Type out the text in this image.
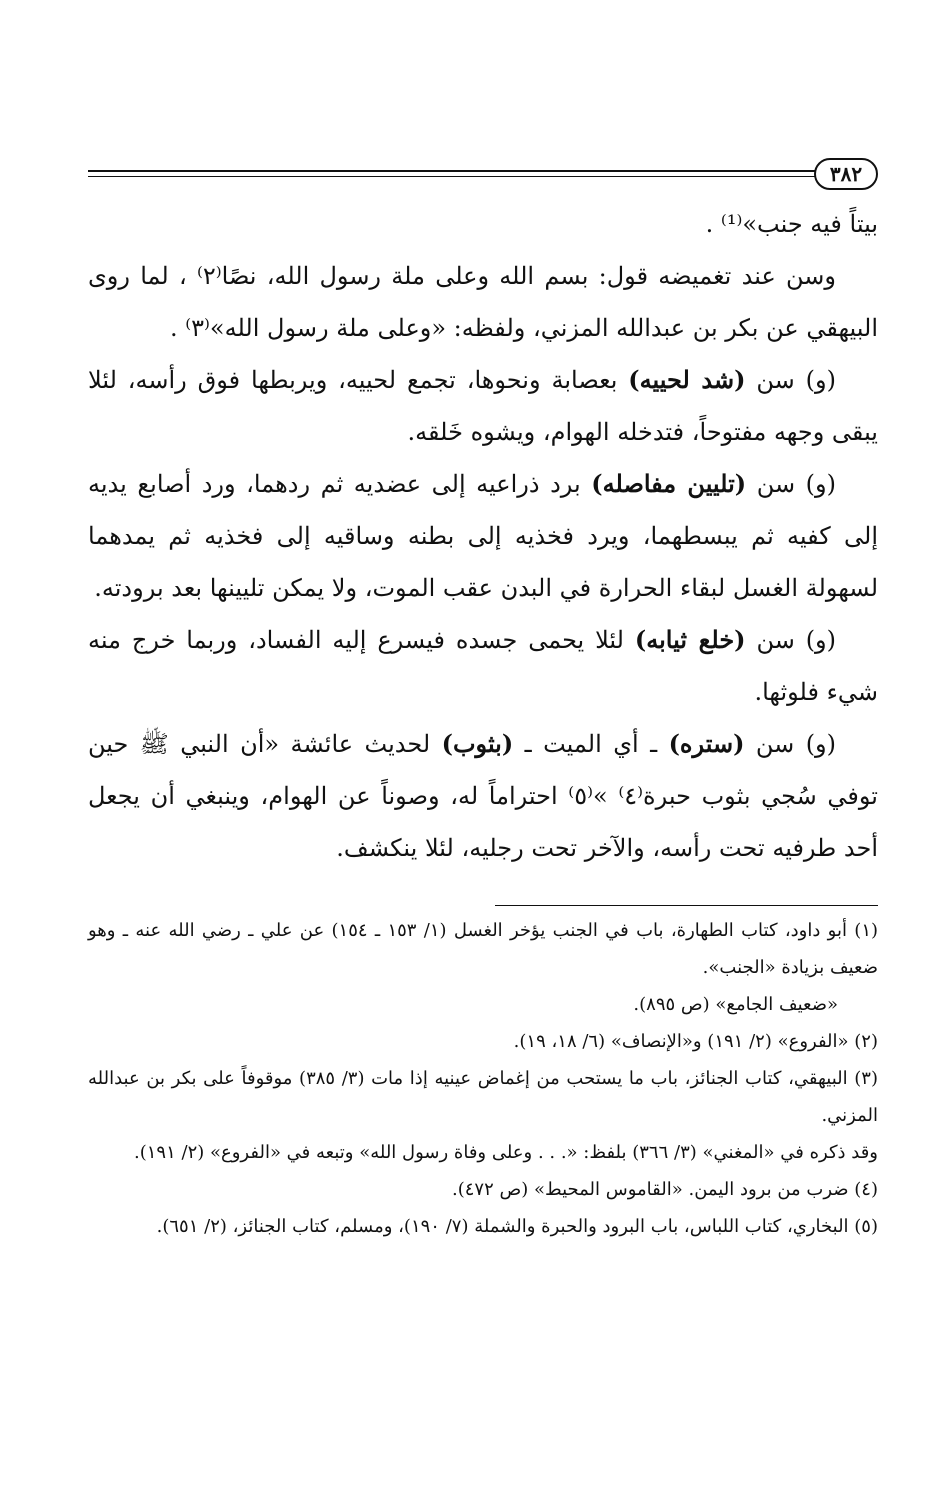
٣٨٢

بيتاً فيه جنب»⁽¹⁾ .

وسن عند تغميضه قول: بسم الله وعلى ملة رسول الله، نصًا⁽٢⁾ ، لما روى البيهقي عن بكر بن عبدالله المزني، ولفظه: «وعلى ملة رسول الله»⁽٣⁾ .

(و) سن (شد لحييه) بعصابة ونحوها، تجمع لحييه، ويربطها فوق رأسه، لئلا يبقى وجهه مفتوحاً، فتدخله الهوام، ويشوه خَلقه.

(و) سن (تليين مفاصله) برد ذراعيه إلى عضديه ثم ردهما، ورد أصابع يديه إلى كفيه ثم يبسطهما، ويرد فخذيه إلى بطنه وساقيه إلى فخذيه ثم يمدهما لسهولة الغسل لبقاء الحرارة في البدن عقب الموت، ولا يمكن تليينها بعد برودته.

(و) سن (خلع ثيابه) لئلا يحمى جسده فيسرع إليه الفساد، وربما خرج منه شيء فلوثها.

(و) سن (ستره) ـ أي الميت ـ (بثوب) لحديث عائشة «أن النبي ﷺ حين توفي سُجي بثوب حبرة⁽٤⁾ »⁽٥⁾ احتراماً له، وصوناً عن الهوام، وينبغي أن يجعل أحد طرفيه تحت رأسه، والآخر تحت رجليه، لئلا ينكشف.

(١) أبو داود، كتاب الطهارة، باب في الجنب يؤخر الغسل (١/ ١٥٣ ـ ١٥٤) عن علي ـ رضي الله عنه ـ وهو ضعيف بزيادة «الجنب».

«ضعيف الجامع» (ص ٨٩٥).

(٢) «الفروع» (٢/ ١٩١) و«الإنصاف» (٦/ ١٨، ١٩).

(٣) البيهقي، كتاب الجنائز، باب ما يستحب من إغماض عينيه إذا مات (٣/ ٣٨٥) موقوفاً على بكر بن عبدالله المزني.

وقد ذكره في «المغني» (٣/ ٣٦٦) بلفظ: «. . . وعلى وفاة رسول الله» وتبعه في «الفروع» (٢/ ١٩١).

(٤) ضرب من برود اليمن. «القاموس المحيط» (ص ٤٧٢).

(٥) البخاري، كتاب اللباس، باب البرود والحبرة والشملة (٧/ ١٩٠)، ومسلم، كتاب الجنائز، (٢/ ٦٥١).
